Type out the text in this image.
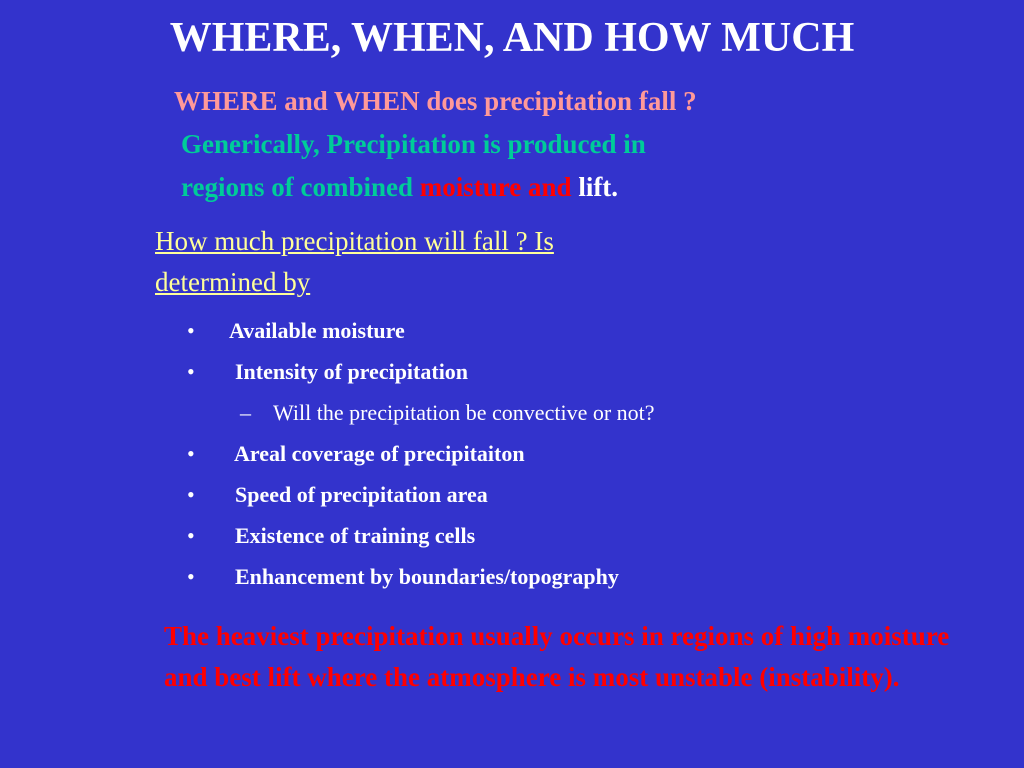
WHERE, WHEN, AND HOW MUCH
WHERE and WHEN does precipitation fall ?
Generically, Precipitation is produced in
regions of combined moisture and lift.
How much precipitation will fall ? Is
determined by
• Available moisture
• Intensity of precipitation
– Will the precipitation be convective or not?
• Areal coverage of precipitaiton
• Speed of precipitation area
• Existence of training cells
• Enhancement by boundaries/topography
The heaviest precipitation usually occurs in regions of high moisture and best lift where the atmosphere is most unstable (instability).
